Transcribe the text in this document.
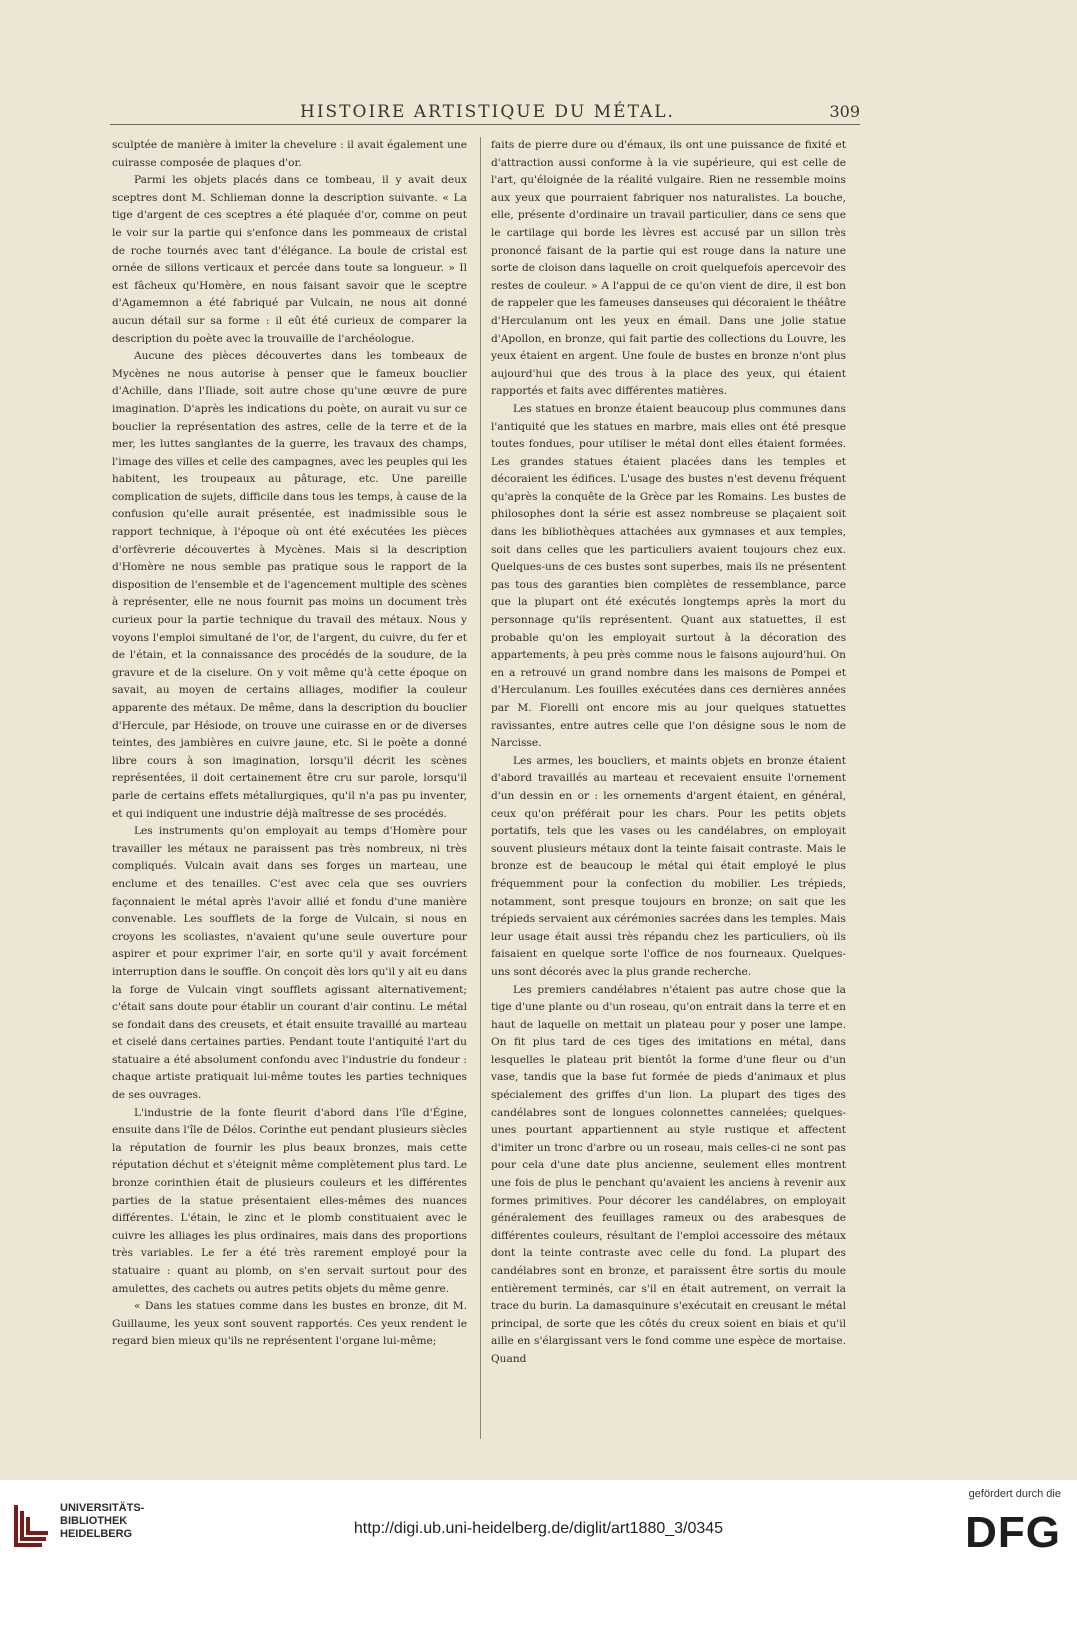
HISTOIRE ARTISTIQUE DU MÉTAL.	309

sculptée de manière à imiter la chevelure : il avait également une cuirasse composée de plaques d'or.

Parmi les objets placés dans ce tombeau, il y avait deux sceptres dont M. Schlieman donne la description suivante. « La tige d'argent de ces sceptres a été plaquée d'or, comme on peut le voir sur la partie qui s'enfonce dans les pommeaux de cristal de roche tournés avec tant d'élégance. La boule de cristal est ornée de sillons verticaux et percée dans toute sa longueur. » Il est fâcheux qu'Homère, en nous faisant savoir que le sceptre d'Agamemnon a été fabriqué par Vulcain, ne nous ait donné aucun détail sur sa forme : il eût été curieux de comparer la description du poète avec la trouvaille de l'archéologue.

Aucune des pièces découvertes dans les tombeaux de Mycènes ne nous autorise à penser que le fameux bouclier d'Achille, dans l'Iliade, soit autre chose qu'une œuvre de pure imagination. D'après les indications du poète, on aurait vu sur ce bouclier la représentation des astres, celle de la terre et de la mer, les luttes sanglantes de la guerre, les travaux des champs, l'image des villes et celle des campagnes, avec les peuples qui les habitent, les troupeaux au pâturage, etc. Une pareille complication de sujets, difficile dans tous les temps, à cause de la confusion qu'elle aurait présentée, est inadmissible sous le rapport technique, à l'époque où ont été exécutées les pièces d'orfèvrerie découvertes à Mycènes. Mais si la description d'Homère ne nous semble pas pratique sous le rapport de la disposition de l'ensemble et de l'agencement multiple des scènes à représenter, elle ne nous fournit pas moins un document très curieux pour la partie technique du travail des métaux. Nous y voyons l'emploi simultané de l'or, de l'argent, du cuivre, du fer et de l'étain, et la connaissance des procédés de la soudure, de la gravure et de la ciselure. On y voit même qu'à cette époque on savait, au moyen de certains alliages, modifier la couleur apparente des métaux. De même, dans la description du bouclier d'Hercule, par Hésiode, on trouve une cuirasse en or de diverses teintes, des jambières en cuivre jaune, etc. Si le poète a donné libre cours à son imagination, lorsqu'il décrit les scènes représentées, il doit certainement être cru sur parole, lorsqu'il parle de certains effets métallurgiques, qu'il n'a pas pu inventer, et qui indiquent une industrie déjà maîtresse de ses procédés.

Les instruments qu'on employait au temps d'Homère pour travailler les métaux ne paraissent pas très nombreux, ni très compliqués. Vulcain avait dans ses forges un marteau, une enclume et des tenailles. C'est avec cela que ses ouvriers façonnaient le métal après l'avoir allié et fondu d'une manière convenable. Les soufflets de la forge de Vulcain, si nous en croyons les scoliastes, n'avaient qu'une seule ouverture pour aspirer et pour exprimer l'air, en sorte qu'il y avait forcément interruption dans le souffle. On conçoit dès lors qu'il y ait eu dans la forge de Vulcain vingt soufflets agissant alternativement; c'était sans doute pour établir un courant d'air continu. Le métal se fondait dans des creusets, et était ensuite travaillé au marteau et ciselé dans certaines parties. Pendant toute l'antiquité l'art du statuaire a été absolument confondu avec l'industrie du fondeur : chaque artiste pratiquait lui-même toutes les parties techniques de ses ouvrages.

L'industrie de la fonte fleurit d'abord dans l'île d'Égine, ensuite dans l'île de Délos. Corinthe eut pendant plusieurs siècles la réputation de fournir les plus beaux bronzes, mais cette réputation déchut et s'éteignit même complètement plus tard. Le bronze corinthien était de plusieurs couleurs et les différentes parties de la statue présentaient elles-mêmes des nuances différentes. L'étain, le zinc et le plomb constituaient avec le cuivre les alliages les plus ordinaires, mais dans des proportions très variables. Le fer a été très rarement employé pour la statuaire : quant au plomb, on s'en servait surtout pour des amulettes, des cachets ou autres petits objets du même genre.

« Dans les statues comme dans les bustes en bronze, dit M. Guillaume, les yeux sont souvent rapportés. Ces yeux rendent le regard bien mieux qu'ils ne représentent l'organe lui-même;

faits de pierre dure ou d'émaux, ils ont une puissance de fixité et d'attraction aussi conforme à la vie supérieure, qui est celle de l'art, qu'éloignée de la réalité vulgaire. Rien ne ressemble moins aux yeux que pourraient fabriquer nos naturalistes. La bouche, elle, présente d'ordinaire un travail particulier, dans ce sens que le cartilage qui borde les lèvres est accusé par un sillon très prononcé faisant de la partie qui est rouge dans la nature une sorte de cloison dans laquelle on croit quelquefois apercevoir des restes de couleur. » A l'appui de ce qu'on vient de dire, il est bon de rappeler que les fameuses danseuses qui décoraient le théâtre d'Herculanum ont les yeux en émail. Dans une jolie statue d'Apollon, en bronze, qui fait partie des collections du Louvre, les yeux étaient en argent. Une foule de bustes en bronze n'ont plus aujourd'hui que des trous à la place des yeux, qui étaient rapportés et faits avec différentes matières.

Les statues en bronze étaient beaucoup plus communes dans l'antiquité que les statues en marbre, mais elles ont été presque toutes fondues, pour utiliser le métal dont elles étaient formées. Les grandes statues étaient placées dans les temples et décoraient les édifices. L'usage des bustes n'est devenu fréquent qu'après la conquête de la Grèce par les Romains. Les bustes de philosophes dont la série est assez nombreuse se plaçaient soit dans les bibliothèques attachées aux gymnases et aux temples, soit dans celles que les particuliers avaient toujours chez eux. Quelques-uns de ces bustes sont superbes, mais ils ne présentent pas tous des garanties bien complètes de ressemblance, parce que la plupart ont été exécutés longtemps après la mort du personnage qu'ils représentent. Quant aux statuettes, il est probable qu'on les employait surtout à la décoration des appartements, à peu près comme nous le faisons aujourd'hui. On en a retrouvé un grand nombre dans les maisons de Pompei et d'Herculanum. Les fouilles exécutées dans ces dernières années par M. Fiorelli ont encore mis au jour quelques statuettes ravissantes, entre autres celle que l'on désigne sous le nom de Narcisse.

Les armes, les boucliers, et maints objets en bronze étaient d'abord travaillés au marteau et recevaient ensuite l'ornement d'un dessin en or : les ornements d'argent étaient, en général, ceux qu'on préférait pour les chars. Pour les petits objets portatifs, tels que les vases ou les candélabres, on employait souvent plusieurs métaux dont la teinte faisait contraste. Mais le bronze est de beaucoup le métal qui était employé le plus fréquemment pour la confection du mobilier. Les trépieds, notamment, sont presque toujours en bronze; on sait que les trépieds servaient aux cérémonies sacrées dans les temples. Mais leur usage était aussi très répandu chez les particuliers, où ils faisaient en quelque sorte l'office de nos fourneaux. Quelques-uns sont décorés avec la plus grande recherche.

Les premiers candélabres n'étaient pas autre chose que la tige d'une plante ou d'un roseau, qu'on entrait dans la terre et en haut de laquelle on mettait un plateau pour y poser une lampe. On fit plus tard de ces tiges des imitations en métal, dans lesquelles le plateau prit bientôt la forme d'une fleur ou d'un vase, tandis que la base fut formée de pieds d'animaux et plus spécialement des griffes d'un lion. La plupart des tiges des candélabres sont de longues colonnettes cannelées; quelques-unes pourtant appartiennent au style rustique et affectent d'imiter un tronc d'arbre ou un roseau, mais celles-ci ne sont pas pour cela d'une date plus ancienne, seulement elles montrent une fois de plus le penchant qu'avaient les anciens à revenir aux formes primitives. Pour décorer les candélabres, on employait généralement des feuillages rameux ou des arabesques de différentes couleurs, résultant de l'emploi accessoire des métaux dont la teinte contraste avec celle du fond. La plupart des candélabres sont en bronze, et paraissent être sortis du moule entièrement terminés, car s'il en était autrement, on verrait la trace du burin. La damasquinure s'exécutait en creusant le métal principal, de sorte que les côtés du creux soient en biais et qu'il aille en s'élargissant vers le fond comme une espèce de mortaise. Quand

UNIVERSITÄTS-
BIBLIOTHEK
HEIDELBERG	http://digi.ub.uni-heidelberg.de/diglit/art1880_3/0345
gefördert durch die
DFG
